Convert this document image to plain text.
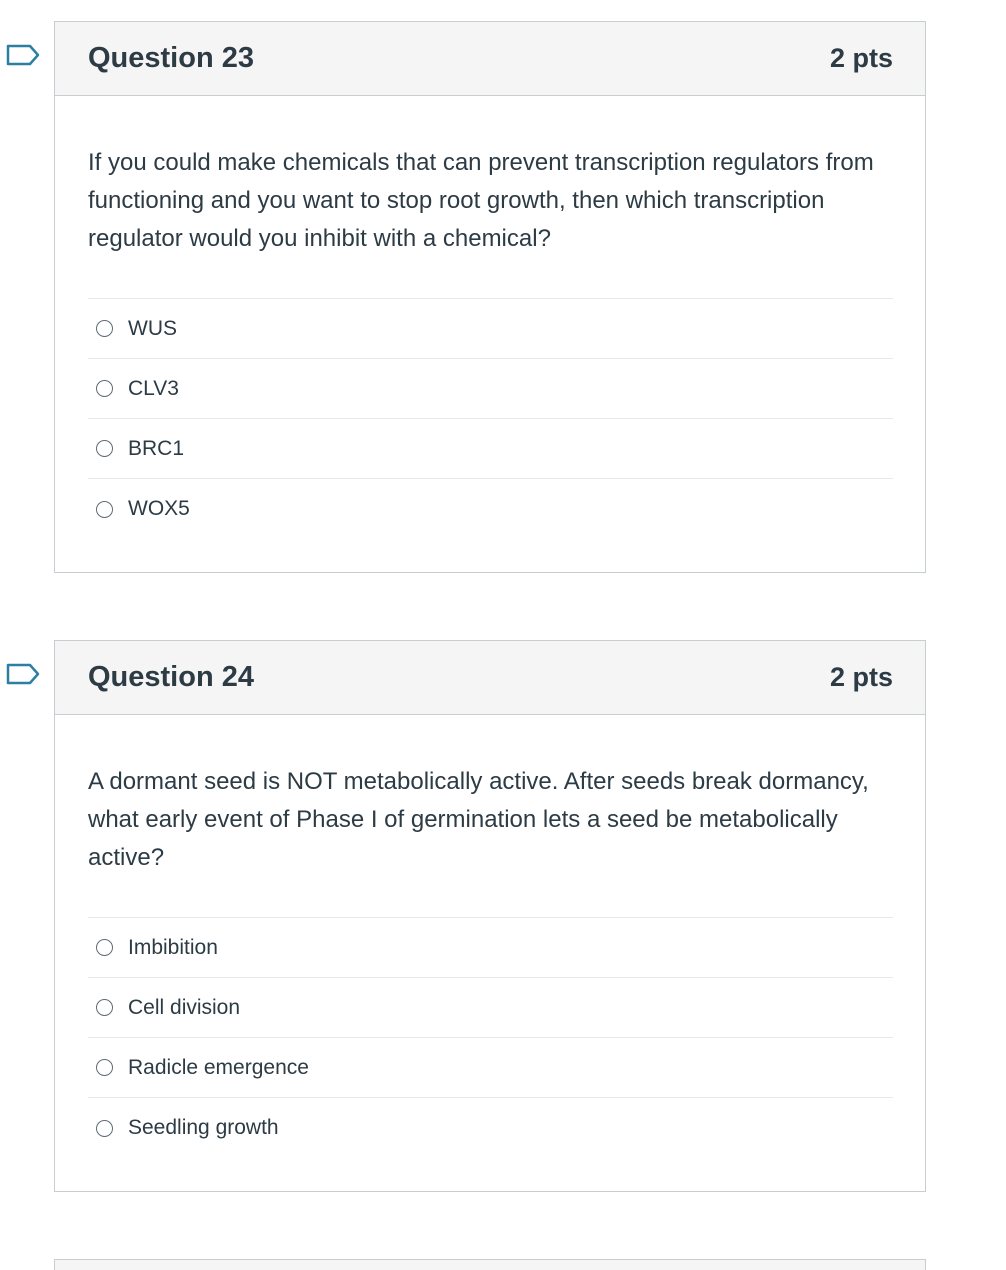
Question 23	2 pts

If you could make chemicals that can prevent transcription regulators from functioning and you want to stop root growth, then which transcription regulator would you inhibit with a chemical?

WUS
CLV3
BRC1
WOX5
Question 24	2 pts

A dormant seed is NOT metabolically active. After seeds break dormancy, what early event of Phase I of germination lets a seed be metabolically active?

Imbibition
Cell division
Radicle emergence
Seedling growth
